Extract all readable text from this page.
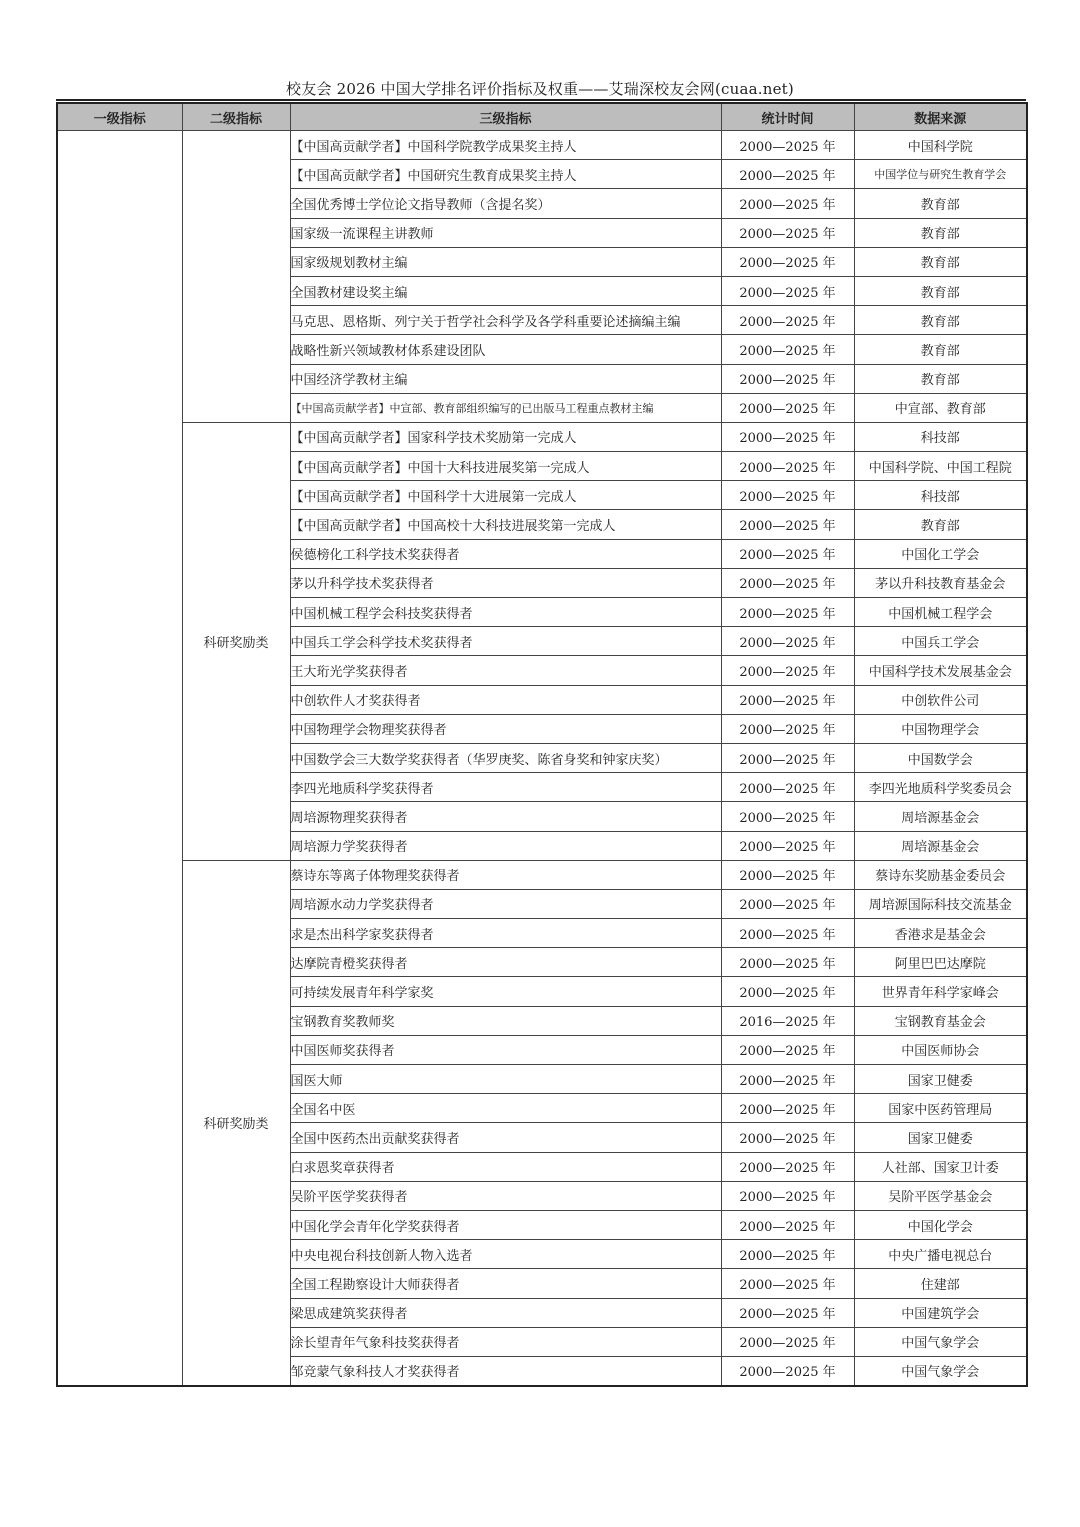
校友会 2026 中国大学排名评价指标及权重——艾瑞深校友会网(cuaa.net)
一级指标	二级指标	三级指标	统计时间	数据来源
		【中国高贡献学者】中国科学院教学成果奖主持人	2000—2025 年	中国科学院
		【中国高贡献学者】中国研究生教育成果奖主持人	2000—2025 年	中国学位与研究生教育学会
		全国优秀博士学位论文指导教师（含提名奖）	2000—2025 年	教育部
		国家级一流课程主讲教师	2000—2025 年	教育部
		国家级规划教材主编	2000—2025 年	教育部
		全国教材建设奖主编	2000—2025 年	教育部
		马克思、恩格斯、列宁关于哲学社会科学及各学科重要论述摘编主编	2000—2025 年	教育部
		战略性新兴领域教材体系建设团队	2000—2025 年	教育部
		中国经济学教材主编	2000—2025 年	教育部
		【中国高贡献学者】中宣部、教育部组织编写的已出版马工程重点教材主编	2000—2025 年	中宣部、教育部
	科研奖励类	【中国高贡献学者】国家科学技术奖励第一完成人	2000—2025 年	科技部
		【中国高贡献学者】中国十大科技进展奖第一完成人	2000—2025 年	中国科学院、中国工程院
		【中国高贡献学者】中国科学十大进展第一完成人	2000—2025 年	科技部
		【中国高贡献学者】中国高校十大科技进展奖第一完成人	2000—2025 年	教育部
		侯德榜化工科学技术奖获得者	2000—2025 年	中国化工学会
		茅以升科学技术奖获得者	2000—2025 年	茅以升科技教育基金会
		中国机械工程学会科技奖获得者	2000—2025 年	中国机械工程学会
		中国兵工学会科学技术奖获得者	2000—2025 年	中国兵工学会
		王大珩光学奖获得者	2000—2025 年	中国科学技术发展基金会
		中创软件人才奖获得者	2000—2025 年	中创软件公司
		中国物理学会物理奖获得者	2000—2025 年	中国物理学会
		中国数学会三大数学奖获得者（华罗庚奖、陈省身奖和钟家庆奖）	2000—2025 年	中国数学会
		李四光地质科学奖获得者	2000—2025 年	李四光地质科学奖委员会
		周培源物理奖获得者	2000—2025 年	周培源基金会
		周培源力学奖获得者	2000—2025 年	周培源基金会
	科研奖励类	蔡诗东等离子体物理奖获得者	2000—2025 年	蔡诗东奖励基金委员会
		周培源水动力学奖获得者	2000—2025 年	周培源国际科技交流基金
		求是杰出科学家奖获得者	2000—2025 年	香港求是基金会
		达摩院青橙奖获得者	2000—2025 年	阿里巴巴达摩院
		可持续发展青年科学家奖	2000—2025 年	世界青年科学家峰会
		宝钢教育奖教师奖	2016—2025 年	宝钢教育基金会
		中国医师奖获得者	2000—2025 年	中国医师协会
		国医大师	2000—2025 年	国家卫健委
		全国名中医	2000—2025 年	国家中医药管理局
		全国中医药杰出贡献奖获得者	2000—2025 年	国家卫健委
		白求恩奖章获得者	2000—2025 年	人社部、国家卫计委
		吴阶平医学奖获得者	2000—2025 年	吴阶平医学基金会
		中国化学会青年化学奖获得者	2000—2025 年	中国化学会
		中央电视台科技创新人物入选者	2000—2025 年	中央广播电视总台
		全国工程勘察设计大师获得者	2000—2025 年	住建部
		梁思成建筑奖获得者	2000—2025 年	中国建筑学会
		涂长望青年气象科技奖获得者	2000—2025 年	中国气象学会
		邹竞蒙气象科技人才奖获得者	2000—2025 年	中国气象学会
